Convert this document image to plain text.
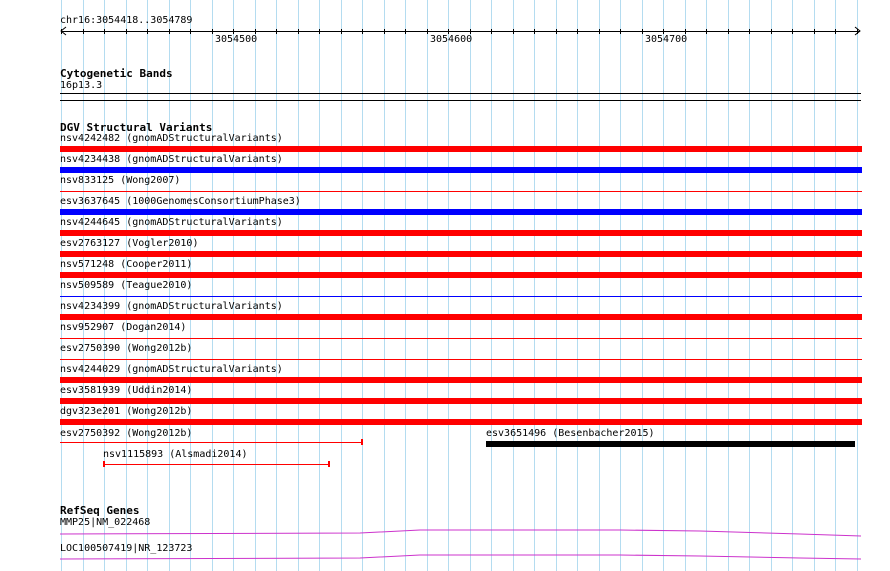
chr16:3054418..3054789
3054500	3054600	3054700
Cytogenetic Bands
16p13.3
DGV Structural Variants
nsv4242482 (gnomADStructuralVariants)
nsv4234438 (gnomADStructuralVariants)
nsv833125 (Wong2007)
esv3637645 (1000GenomesConsortiumPhase3)
nsv4244645 (gnomADStructuralVariants)
esv2763127 (Vogler2010)
nsv571248 (Cooper2011)
nsv509589 (Teague2010)
nsv4234399 (gnomADStructuralVariants)
nsv952907 (Dogan2014)
esv2750390 (Wong2012b)
nsv4244029 (gnomADStructuralVariants)
esv3581939 (Uddin2014)
dgv323e201 (Wong2012b)
esv2750392 (Wong2012b)	esv3651496 (Besenbacher2015)
nsv1115893 (Alsmadi2014)
RefSeq Genes
MMP25|NM_022468
LOC100507419|NR_123723
